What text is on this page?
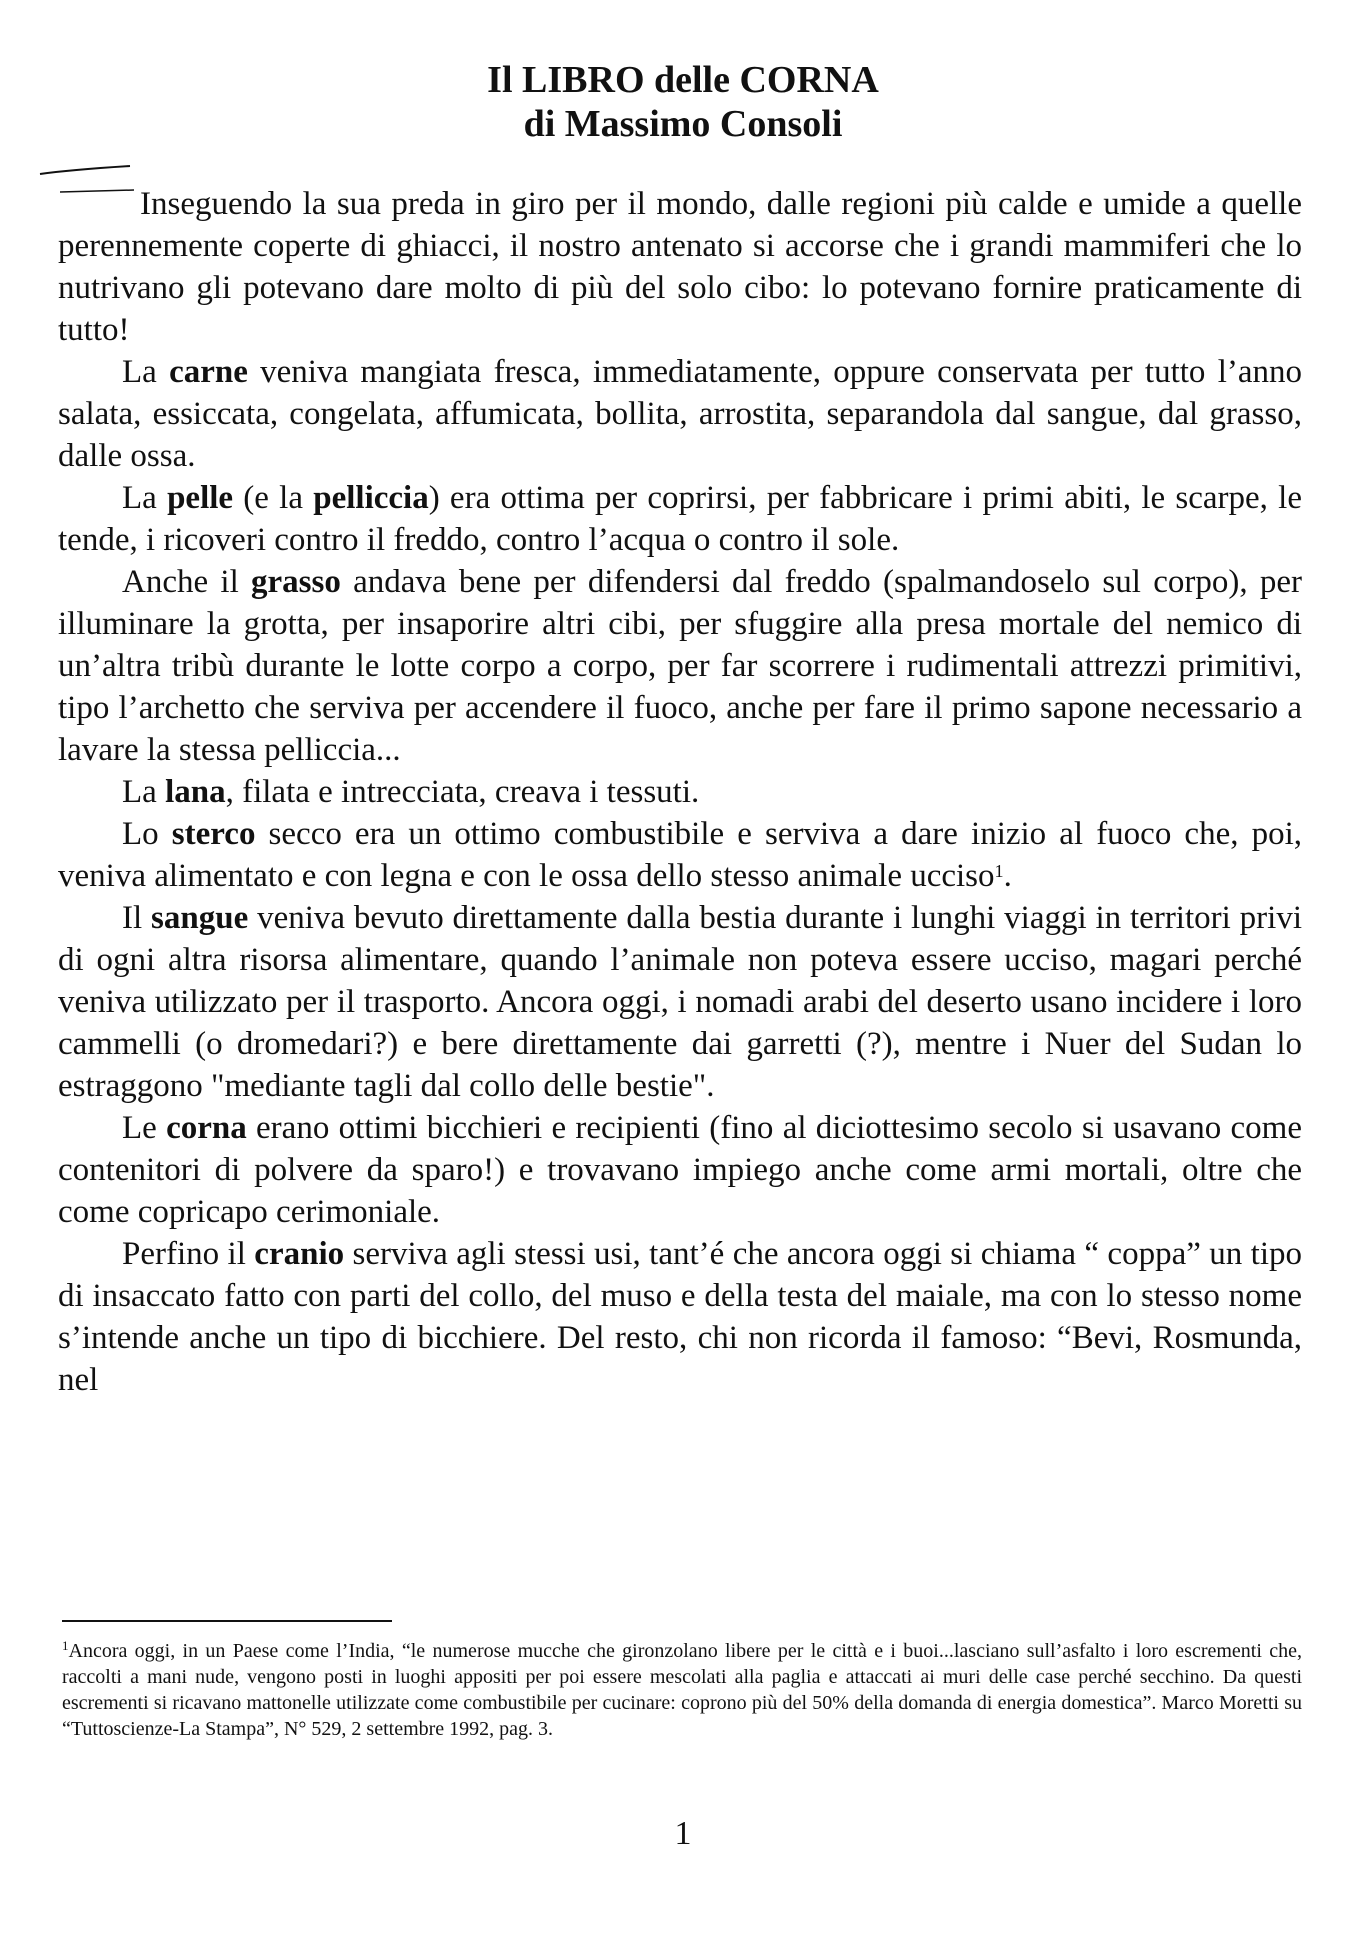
Il LIBRO delle CORNA
di Massimo Consoli

Inseguendo la sua preda in giro per il mondo, dalle regioni più calde e umide a quelle perennemente coperte di ghiacci, il nostro antenato si accorse che i grandi mammiferi che lo nutrivano gli potevano dare molto di più del solo cibo: lo potevano fornire praticamente di tutto!

La carne veniva mangiata fresca, immediatamente, oppure conservata per tutto l’anno salata, essiccata, congelata, affumicata, bollita, arrostita, separandola dal sangue, dal grasso, dalle ossa.

La pelle (e la pelliccia) era ottima per coprirsi, per fabbricare i primi abiti, le scarpe, le tende, i ricoveri contro il freddo, contro l’acqua o contro il sole.

Anche il grasso andava bene per difendersi dal freddo (spalmandoselo sul corpo), per illuminare la grotta, per insaporire altri cibi, per sfuggire alla presa mortale del nemico di un’altra tribù durante le lotte corpo a corpo, per far scorrere i rudimentali attrezzi primitivi, tipo l’archetto che serviva per accendere il fuoco, anche per fare il primo sapone necessario a lavare la stessa pelliccia...

La lana, filata e intrecciata, creava i tessuti.

Lo sterco secco era un ottimo combustibile e serviva a dare inizio al fuoco che, poi, veniva alimentato e con legna e con le ossa dello stesso animale ucciso$^1$.

Il sangue veniva bevuto direttamente dalla bestia durante i lunghi viaggi in territori privi di ogni altra risorsa alimentare, quando l’animale non poteva essere ucciso, magari perché veniva utilizzato per il trasporto. Ancora oggi, i nomadi arabi del deserto usano incidere i loro cammelli (o dromedari?) e bere direttamente dai garretti (?), mentre i Nuer del Sudan lo estraggono "mediante tagli dal collo delle bestie".

Le corna erano ottimi bicchieri e recipienti (fino al diciottesimo secolo si usavano come contenitori di polvere da sparo!) e trovavano impiego anche come armi mortali, oltre che come copricapo cerimoniale.

Perfino il cranio serviva agli stessi usi, tant’é che ancora oggi si chiama “ coppa” un tipo di insaccato fatto con parti del collo, del muso e della testa del maiale, ma con lo stesso nome s’intende anche un tipo di bicchiere. Del resto, chi non ricorda il famoso: “Bevi, Rosmunda, nel

$^1$Ancora oggi, in un Paese come l’India, “le numerose mucche che gironzolano libere per le città e i buoi...lasciano sull’asfalto i loro escrementi che, raccolti a mani nude, vengono posti in luoghi appositi per poi essere mescolati alla paglia e attaccati ai muri delle case perché secchino. Da questi escrementi si ricavano mattonelle utilizzate come combustibile per cucinare: coprono più del 50% della domanda di energia domestica”. Marco Moretti su “Tuttoscienze-La Stampa”, N° 529, 2 settembre 1992, pag. 3.
1
